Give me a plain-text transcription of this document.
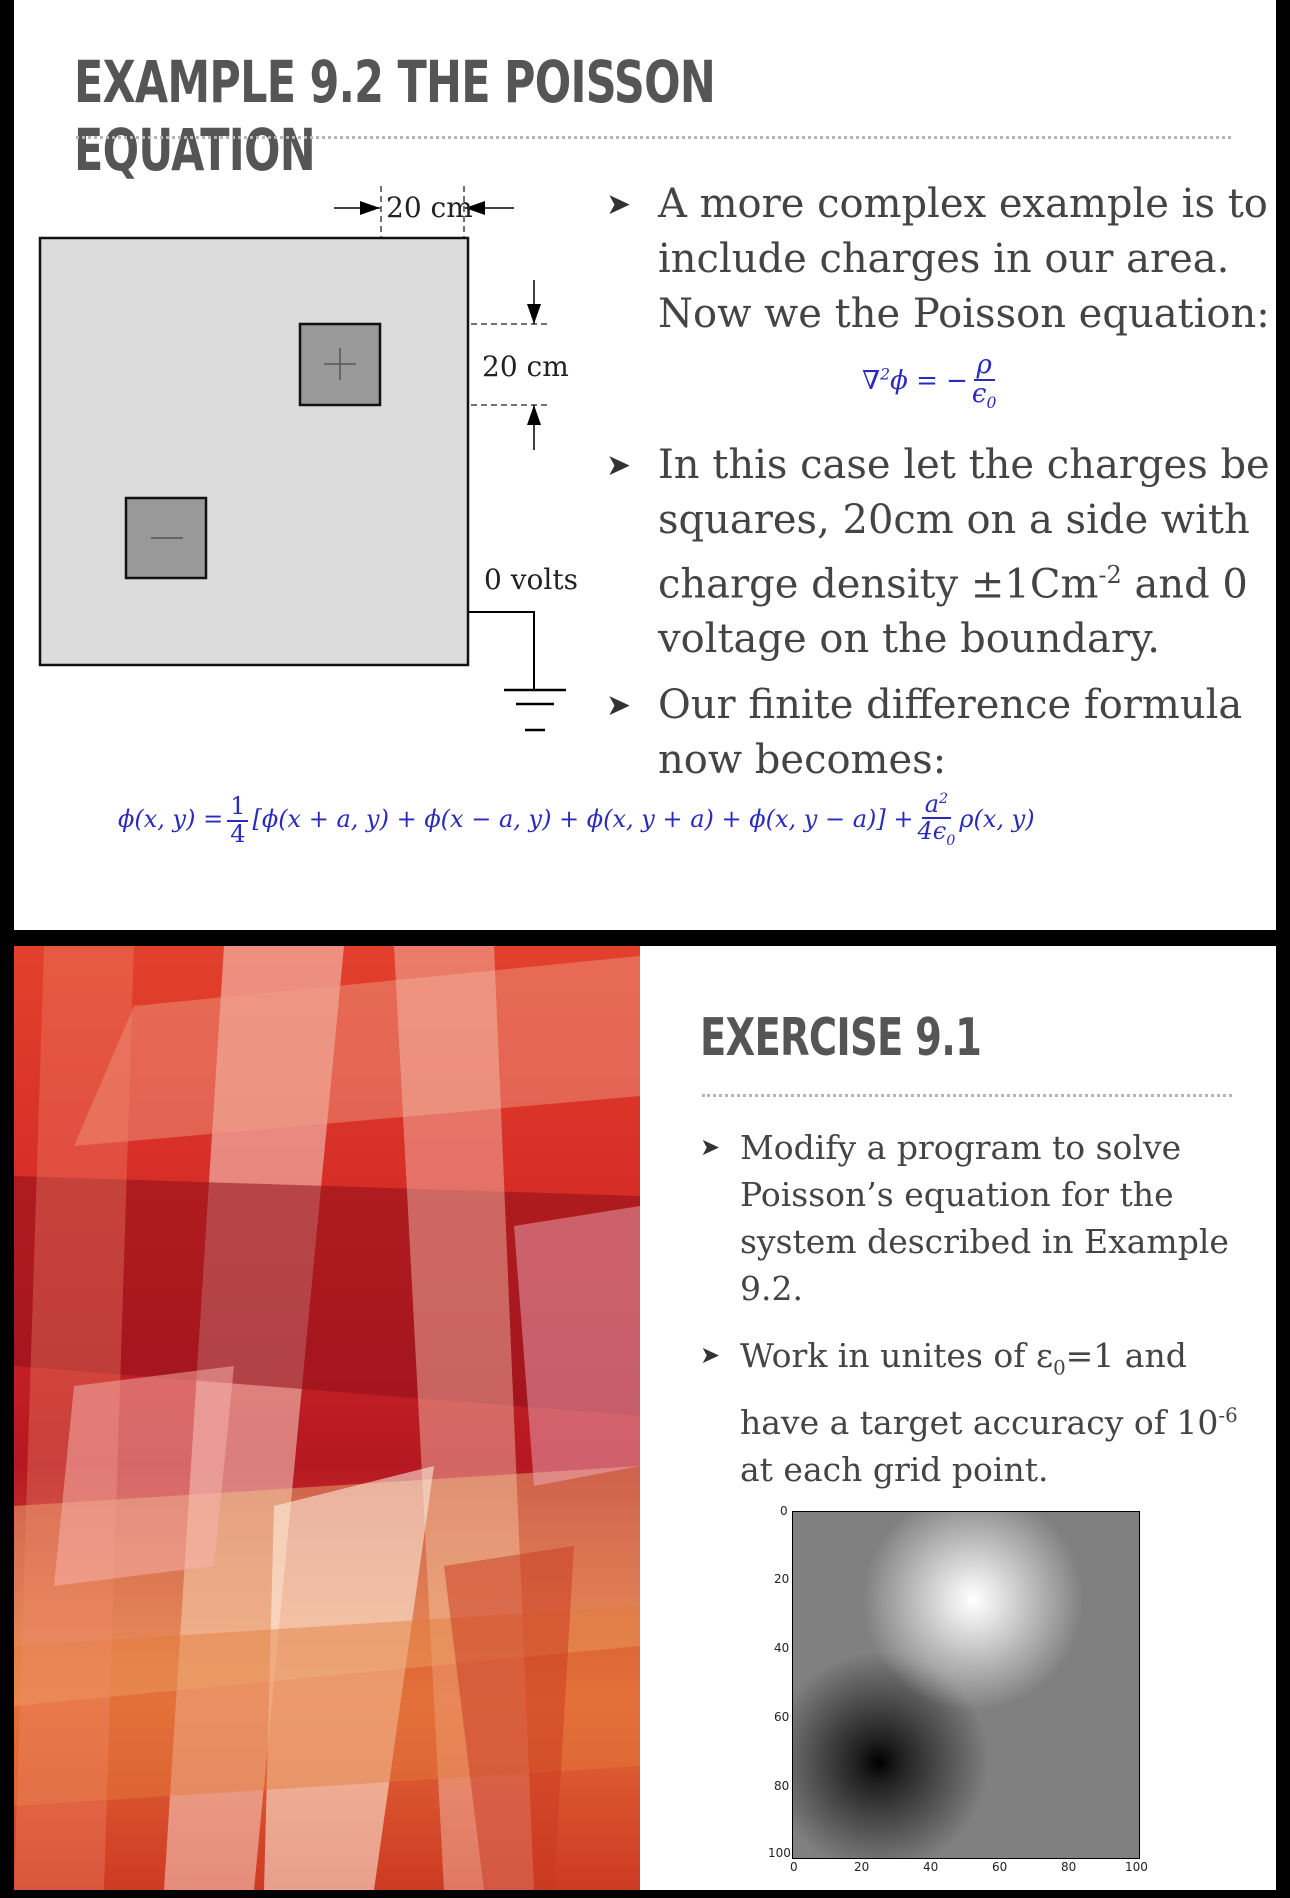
EXAMPLE 9.2 THE POISSON EQUATION
20 cm
20 cm
0 volts
➤ A more complex example is to
include charges in our area.
Now we the Poisson equation:
∇$^2$ϕ = − $\frac{\rho}{\epsilon_0}$
➤ In this case let the charges be
squares, 20cm on a side with
charge density $\pm 1Cm^{-2}$ and 0
voltage on the boundary.
➤ Our finite difference formula
now becomes:
ϕ(x, $y) = \frac{1}{4} [\phi(x + a$, y) + ϕ(x − a, y) + ϕ(x, y + a) + ϕ(x, $y - a)] + \frac{a^2}{4\epsilon_0} \rho(x$, y)
EXERCISE 9.1
➤ Modify a program to solve
Poisson’s equation for the
system described in Example
9.2.
➤ Work in unites of $\varepsilon_0=1$ and
have a target accuracy of $10^{-6}$
at each grid point.
0
20
40
60
80
100
0	20	40	60	80	100
